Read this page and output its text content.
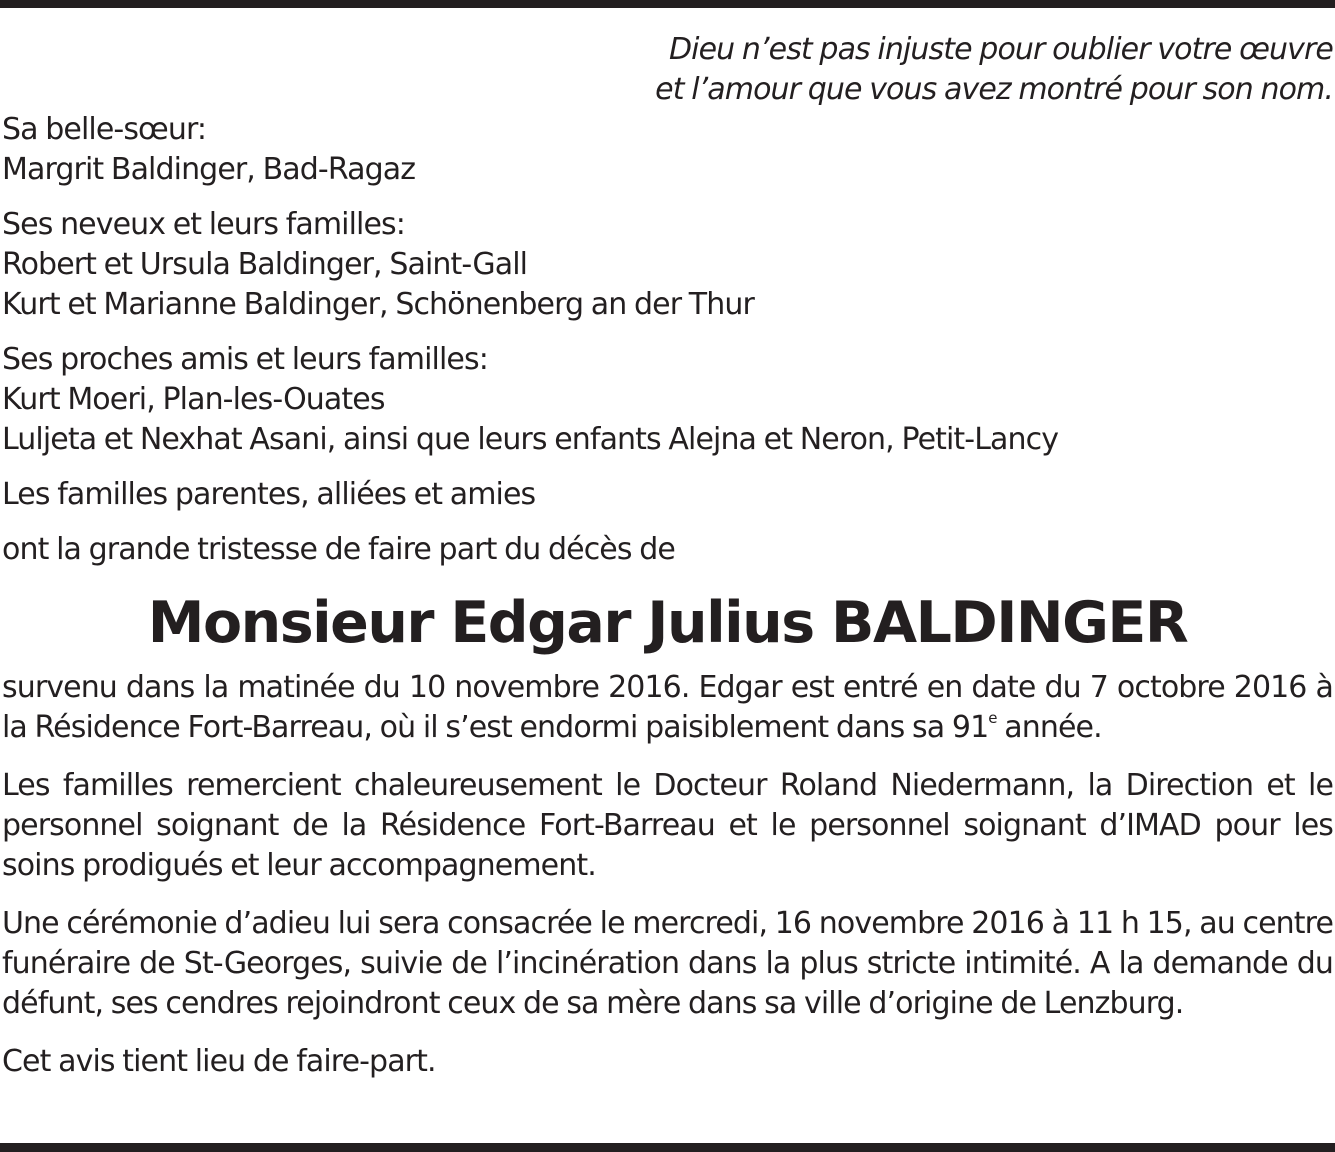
Dieu n’est pas injuste pour oublier votre œuvre
et l’amour que vous avez montré pour son nom.

Sa belle-sœur:
Margrit Baldinger, Bad-Ragaz

Ses neveux et leurs familles:
Robert et Ursula Baldinger, Saint-Gall
Kurt et Marianne Baldinger, Schönenberg an der Thur

Ses proches amis et leurs familles:
Kurt Moeri, Plan-les-Ouates
Luljeta et Nexhat Asani, ainsi que leurs enfants Alejna et Neron, Petit-Lancy

Les familles parentes, alliées et amies

ont la grande tristesse de faire part du décès de

Monsieur Edgar Julius BALDINGER

survenu dans la matinée du 10 novembre 2016. Edgar est entré en date du 7 octobre 2016 à la Résidence Fort-Barreau, où il s’est endormi paisiblement dans sa 91e année.

Les familles remercient chaleureusement le Docteur Roland Niedermann, la Direction et le personnel soignant de la Résidence Fort-Barreau et le personnel soignant d’IMAD pour les soins prodigués et leur accompagnement.

Une cérémonie d’adieu lui sera consacrée le mercredi, 16 novembre 2016 à 11 h 15, au centre funéraire de St-Georges, suivie de l’incinération dans la plus stricte intimité. A la demande du défunt, ses cendres rejoindront ceux de sa mère dans sa ville d’origine de Lenzburg.

Cet avis tient lieu de faire-part.
